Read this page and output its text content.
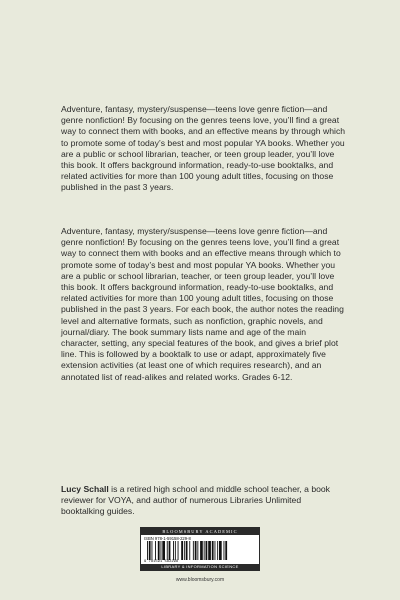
Adventure, fantasy, mystery/suspense—teens love genre fiction—and genre nonfiction! By focusing on the genres teens love, you’ll find a great way to connect them with books, and an effective means by through which to promote some of today’s best and most popular YA books. Whether you are a public or school librarian, teacher, or teen group leader, you’ll love this book. It offers background information, ready-to-use booktalks, and related activities for more than 100 young adult titles, focusing on those published in the past 3 years.

Adventure, fantasy, mystery/suspense—teens love genre fiction—and genre nonfiction! By focusing on the genres teens love, you’ll find a great way to connect them with books and an effective means through which to promote some of today’s best and most popular YA books. Whether you are a public or school librarian, teacher, or teen group leader, you’ll love this book. It offers background information, ready-to-use booktalks, and related activities for more than 100 young adult titles, focusing on those published in the past 3 years. For each book, the author notes the reading level and alternative formats, such as nonfiction, graphic novels, and journal/diary. The book summary lists name and age of the main character, setting, any special features of the book, and gives a brief plot line. This is followed by a booktalk to use or adapt, approximately five extension activities (at least one of which requires research), and an annotated list of read-alikes and related works. Grades 6-12.

Lucy Schall is a retired high school and middle school teacher, a book reviewer for VOYA, and author of numerous Libraries Unlimited booktalking guides.

BLOOMSBURY ACADEMIC
ISBN 978-1-59158-229-8
9 781591 582298
LIBRARY & INFORMATION SCIENCE
www.bloomsbury.com
